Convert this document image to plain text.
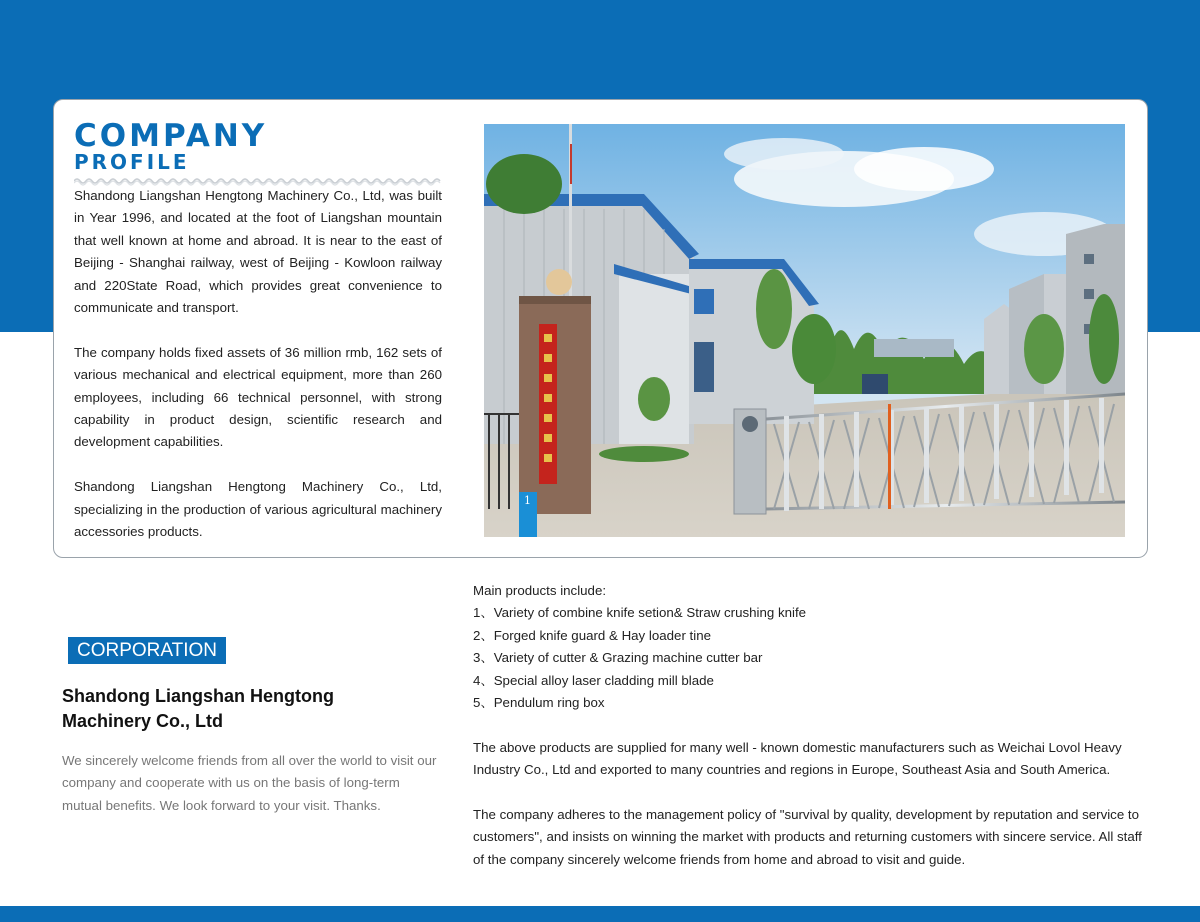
COMPANY
PROFILE

Shandong Liangshan Hengtong Machinery Co., Ltd, was built in Year 1996, and located at the foot of Liangshan mountain that well known at home and abroad. It is near to the east of Beijing - Shanghai railway, west of Beijing - Kowloon railway and 220State Road, which provides great convenience to communicate and transport.

The company holds fixed assets of 36 million rmb, 162 sets of various mechanical and electrical equipment, more than 260 employees, including 66 technical personnel, with strong capability in product design, scientific research and development capabilities.

Shandong Liangshan Hengtong Machinery Co., Ltd, specializing in the production of various agricultural machinery accessories products.

1
CORPORATION
Shandong Liangshan Hengtong
Machinery Co., Ltd
We sincerely welcome friends from all over the world to visit our company and cooperate with us on the basis of long-term mutual benefits. We look forward to your visit. Thanks.
Main products include:
1、Variety of combine knife setion& Straw crushing knife
2、Forged knife guard & Hay loader tine
3、Variety of cutter & Grazing machine cutter bar
4、Special alloy laser cladding mill blade
5、Pendulum ring box
The above products are supplied for many well - known domestic manufacturers such as Weichai Lovol Heavy Industry Co., Ltd and exported to many countries and regions in Europe, Southeast Asia and South America.
The company adheres to the management policy of "survival by quality, development by reputation and service to customers", and insists on winning the market with products and returning customers with sincere service. All staff of the company sincerely welcome friends from home and abroad to visit and guide.
